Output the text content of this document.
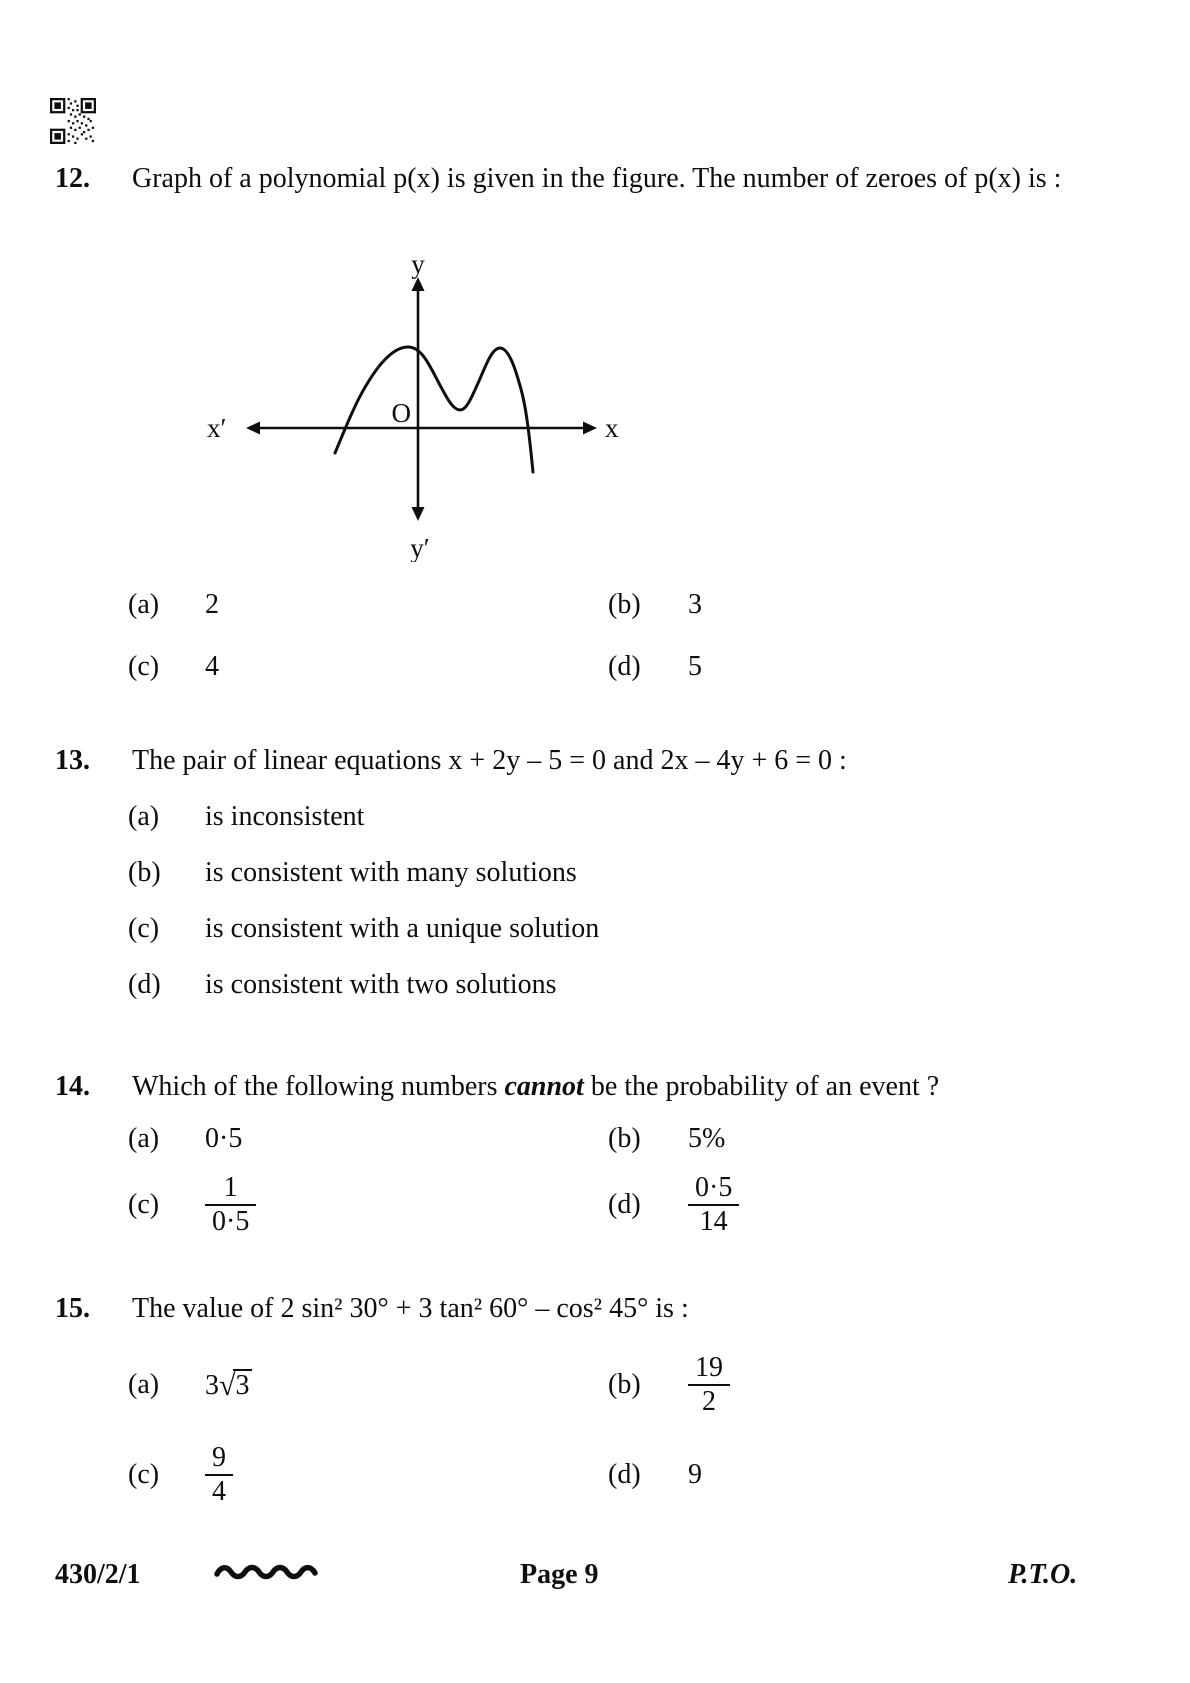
12.	Graph of a polynomial p(x) is given in the figure. The number of zeroes of p(x) is :

y
y′
x′	x
O
(a)	2	(b)	3
(c)	4	(d)	5
13.	The pair of linear equations x + 2y – 5 = 0 and 2x – 4y + 6 = 0 :

(a)	is inconsistent
(b)	is consistent with many solutions
(c)	is consistent with a unique solution
(d)	is consistent with two solutions
14.	Which of the following numbers cannot be the probability of an event ?

(a)	0·5	(b)	5%
(c)	$\frac{1}{0\cdot 5}$	(d)	$\frac{0\cdot 5}{14}$
15.	The value of 2 sin² 30° + 3 tan² 60° – cos² 45° is :

(a)	3√3	(b)	$\frac{19}{2}$
(c)	$\frac{9}{4}$	(d)	9
430/2/1	Page 9	P.T.O.
